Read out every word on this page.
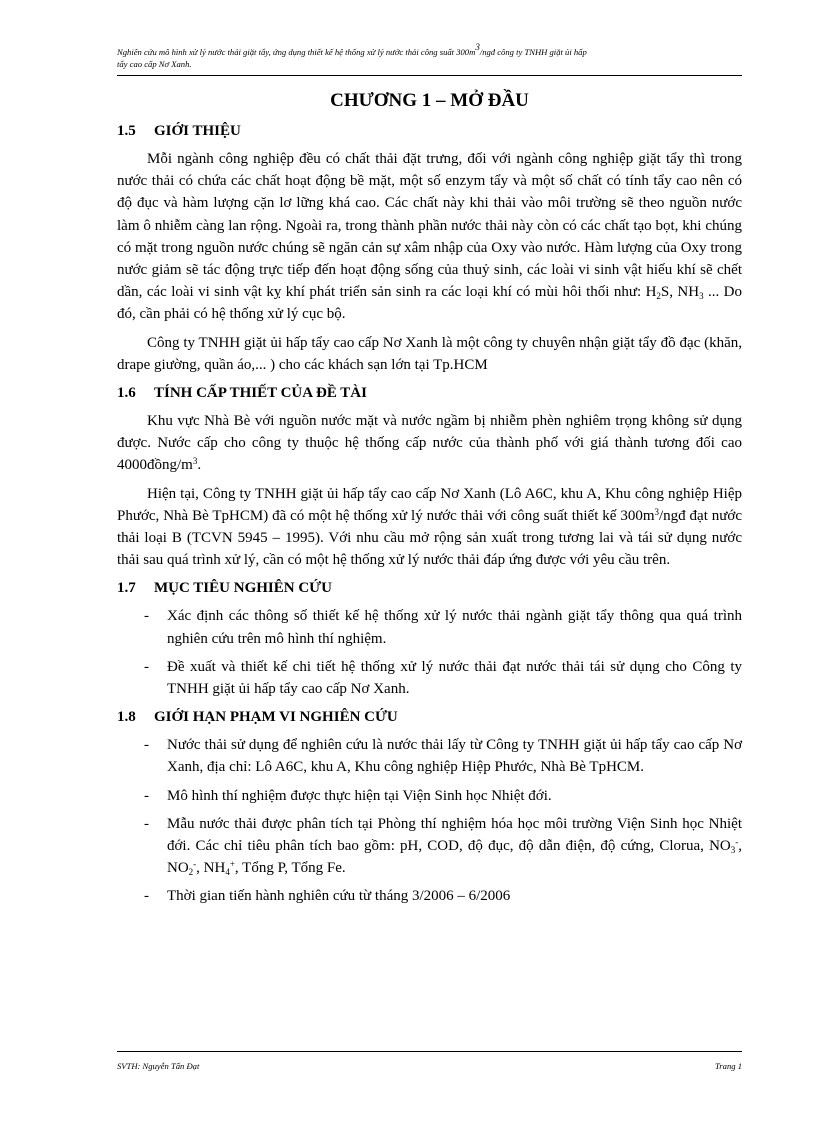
Nghiên cứu mô hình xử lý nước thải giặt tẩy, ứng dụng thiết kế hệ thống xử lý nước thải công suất $300m^3$/ngđ công ty TNHH giặt ủi hấp
tẩy cao cấp Nơ Xanh.
CHƯƠNG 1 – MỞ ĐẦU
1.5	GIỚI THIỆU

Mỗi ngành công nghiệp đều có chất thải đặt trưng, đối với ngành công nghiệp giặt tẩy thì trong nước thải có chứa các chất hoạt động bề mặt, một số enzym tẩy và một số chất có tính tẩy cao nên có độ đục và hàm lượng cặn lơ lững khá cao. Các chất này khi thải vào môi trường sẽ theo nguồn nước làm ô nhiễm càng lan rộng. Ngoài ra, trong thành phần nước thải này còn có các chất tạo bọt, khi chúng có mặt trong nguồn nước chúng sẽ ngăn cản sự xâm nhập của Oxy vào nước. Hàm lượng của Oxy trong nước giảm sẽ tác động trực tiếp đến hoạt động sống của thuỷ sinh, các loài vi sinh vật hiếu khí sẽ chết dần, các loài vi sinh vật kỵ khí phát triển sản sinh ra các loại khí có mùi hôi thối như: $H_2S$, $NH_3$ ... Do đó, cần phải có hệ thống xử lý cục bộ.

Công ty TNHH giặt ủi hấp tẩy cao cấp Nơ Xanh là một công ty chuyên nhận giặt tẩy đồ đạc (khăn, drape giường, quần áo,... ) cho các khách sạn lớn tại Tp.HCM

1.6	TÍNH CẤP THIẾT CỦA ĐỀ TÀI

Khu vực Nhà Bè với nguồn nước mặt và nước ngầm bị nhiễm phèn nghiêm trọng không sử dụng được. Nước cấp cho công ty thuộc hệ thống cấp nước của thành phố với giá thành tương đối cao $4000đồng/m^3$.

Hiện tại, Công ty TNHH giặt ủi hấp tẩy cao cấp Nơ Xanh (Lô A6C, khu A, Khu công nghiệp Hiệp Phước, Nhà Bè TpHCM) đã có một hệ thống xử lý nước thải với công suất thiết kế $300m^3$/ngđ đạt nước thải loại B (TCVN 5945 – 1995). Với nhu cầu mở rộng sản xuất trong tương lai và tái sử dụng nước thải sau quá trình xử lý, cần có một hệ thống xử lý nước thải đáp ứng được với yêu cầu trên.

1.7	MỤC TIÊU NGHIÊN CỨU
- Xác định các thông số thiết kế hệ thống xử lý nước thải ngành giặt tẩy thông qua quá trình nghiên cứu trên mô hình thí nghiệm.
- Đề xuất và thiết kế chi tiết hệ thống xử lý nước thải đạt nước thải tái sử dụng cho Công ty TNHH giặt ủi hấp tẩy cao cấp Nơ Xanh.
1.8	GIỚI HẠN PHẠM VI NGHIÊN CỨU
- Nước thải sử dụng để nghiên cứu là nước thải lấy từ Công ty TNHH giặt ủi hấp tẩy cao cấp Nơ Xanh, địa chỉ: Lô A6C, khu A, Khu công nghiệp Hiệp Phước, Nhà Bè TpHCM.
- Mô hình thí nghiệm được thực hiện tại Viện Sinh học Nhiệt đới.
- Mẫu nước thải được phân tích tại Phòng thí nghiệm hóa học môi trường Viện Sinh học Nhiệt đới. Các chỉ tiêu phân tích bao gồm: pH, COD, độ đục, độ dẫn điện, độ cứng, Clorua, $NO_3^-$, $NO_2^-$, $NH_4^+$, Tổng P, Tổng Fe.
- Thời gian tiến hành nghiên cứu từ tháng 3/2006 – 6/2006
SVTH: Nguyễn Tấn Đạt	Trang 1
